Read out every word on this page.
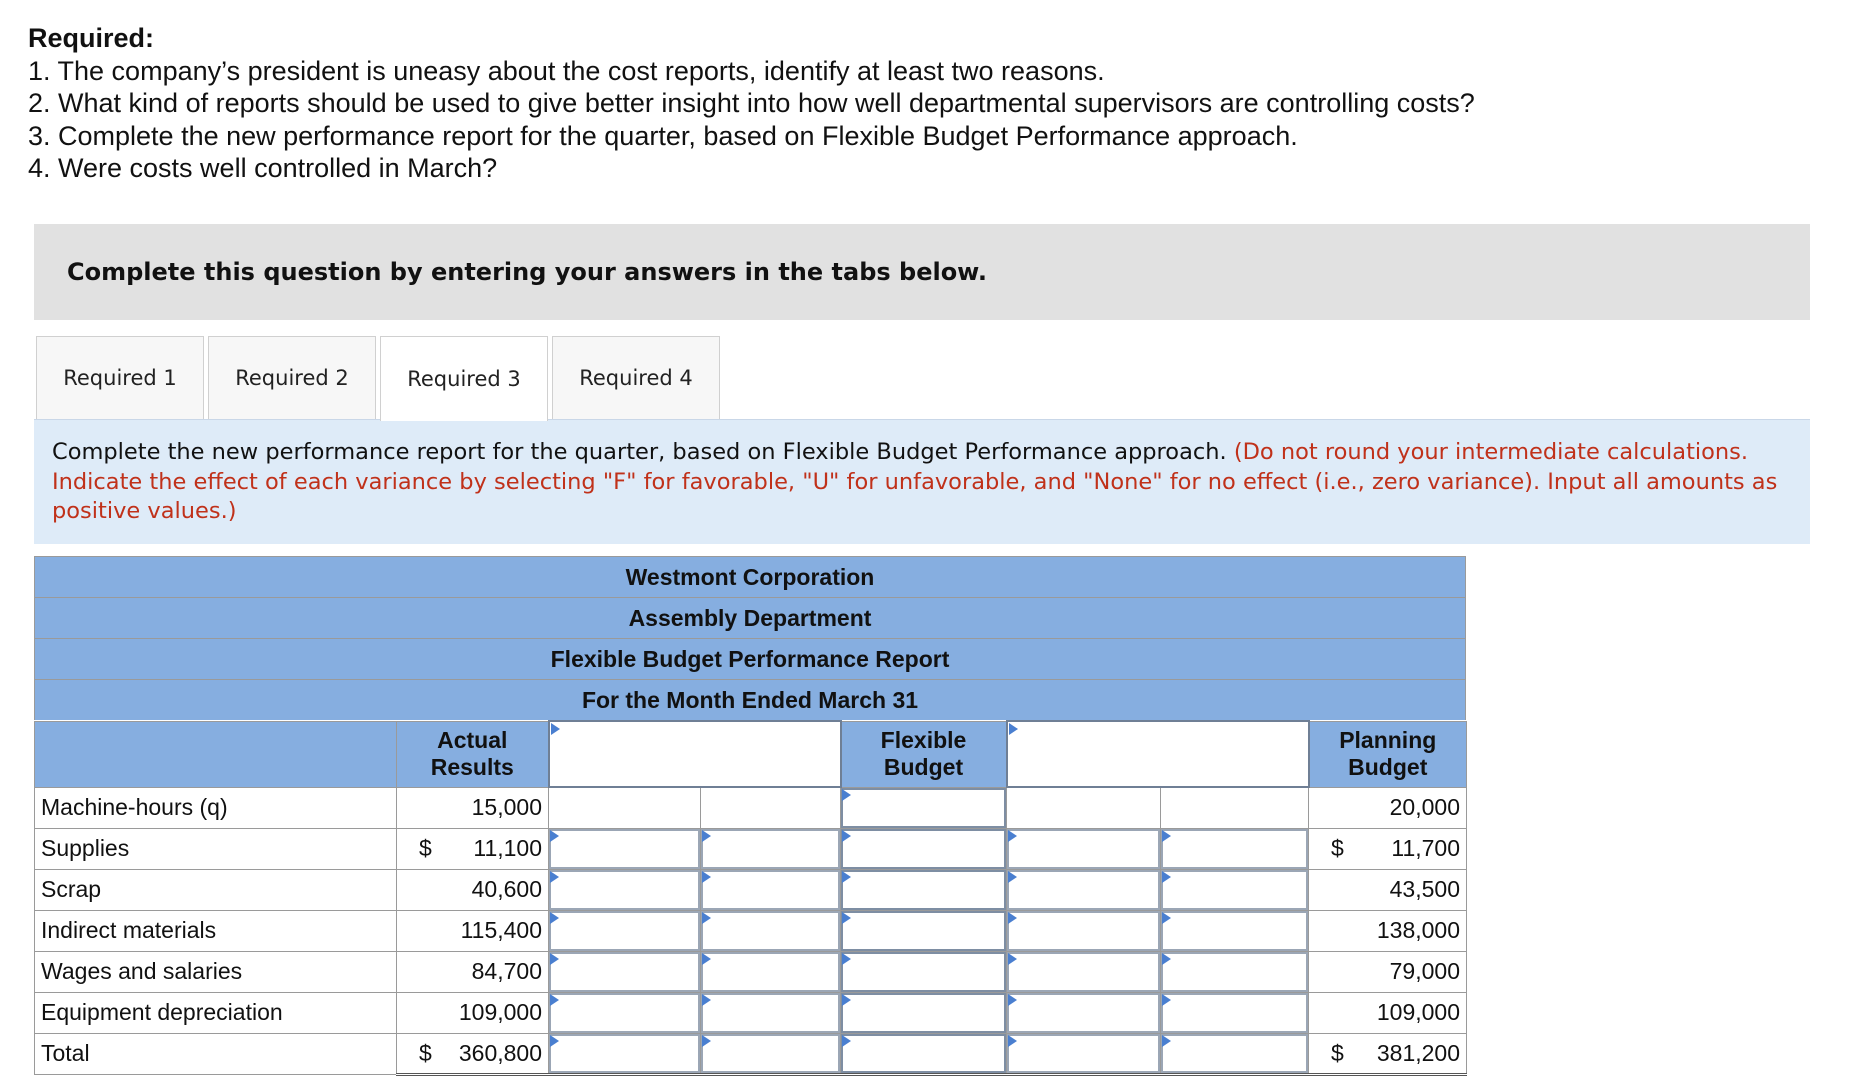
Required:
1. The company’s president is uneasy about the cost reports, identify at least two reasons.
2. What kind of reports should be used to give better insight into how well departmental supervisors are controlling costs?
3. Complete the new performance report for the quarter, based on Flexible Budget Performance approach.
4. Were costs well controlled in March?
Complete this question by entering your answers in the tabs below.
Required 1	Required 2	Required 3	Required 4
Complete the new performance report for the quarter, based on Flexible Budget Performance approach. (Do not round your intermediate calculations. Indicate the effect of each variance by selecting "F" for favorable, "U" for unfavorable, and "None" for no effect (i.e., zero variance). Input all amounts as positive values.)
Westmont Corporation
Assembly Department
Flexible Budget Performance Report
For the Month Ended March 31
	Actual Results			Flexible Budget			Planning Budget
Machine-hours (q)	15,000						20,000
Supplies	$ 11,100						$ 11,700
Scrap	40,600						43,500
Indirect materials	115,400						138,000
Wages and salaries	84,700						79,000
Equipment depreciation	109,000						109,000
Total	$ 360,800						$ 381,200
